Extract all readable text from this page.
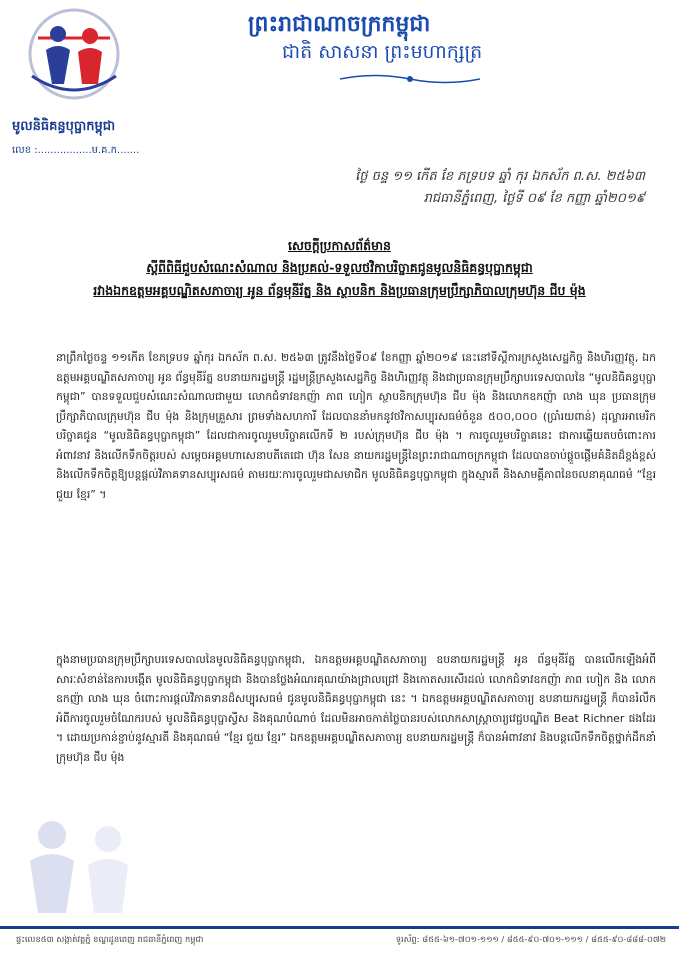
មូលនិធិគន្ធបុប្ផាកម្ពុជា
លេខ :.................ម.គ.ក.......
ព្រះរាជាណាចក្រកម្ពុជា
ជាតិ សាសនា ព្រះមហាក្សត្រ
ថ្ងៃ ចន្ទ ១១ កើត ខែ ភទ្របទ ឆ្នាំ កុរ ឯកស័ក ព.ស. ២៥៦៣
រាជធានីភ្នំពេញ, ថ្ងៃទី ០៩ ខែ កញ្ញា ឆ្នាំ២០១៩
សេចក្តីប្រកាសព័ត៌មាន
ស្តីពីពិធីជួបសំណេះសំណាល និងប្រគល់-ទទួលថវិកាបរិច្ចាគជូនមូលនិធិគន្ធបុប្ផាកម្ពុជា
រវាងឯកឧត្តមអគ្គបណ្ឌិតសភាចារ្យ អូន ព័ន្ធមុនីរ័ត្ន និង ស្ថាបនិក និងប្រធានក្រុមប្រឹក្សាភិបាលក្រុមហ៊ុន ជីប ម៉ុង
នាព្រឹកថ្ងៃចន្ទ ១១កើត ខែភទ្របទ ឆ្នាំកុរ ឯកស័ក ព.ស. ២៥៦៣ ត្រូវនឹងថ្ងៃទី០៩ ខែកញ្ញា ឆ្នាំ២០១៩ នេះនៅទីស្តីការក្រសួងសេដ្ឋកិច្ច និងហិរញ្ញវត្ថុ, ឯកឧត្តមអគ្គបណ្ឌិតសភាចារ្យ អូន ព័ន្ធមុនីរ័ត្ន ឧបនាយករដ្ឋមន្ត្រី រដ្ឋមន្ត្រីក្រសួងសេដ្ឋកិច្ច និងហិរញ្ញវត្ថុ និងជាប្រធានក្រុមប្រឹក្សាបរទេសបាលនៃ “មូលនិធិគន្ធបុប្ផាកម្ពុជា” បានទទួលជួបសំណេះសំណាលជាមួយ លោកជំទាវឧកញ៉ា ភាព ហៀក ស្ថាបនិកក្រុមហ៊ុន ជីប ម៉ុង និងលោកឧកញ៉ា លាង ឃុន ប្រធានក្រុមប្រឹក្សាភិបាលក្រុមហ៊ុន ជីប ម៉ុង និងក្រុមគ្រួសារ ព្រមទាំងសហការី ដែលបាននាំមកនូវថវិកាសប្បុរសធម៌ចំនួន ៥០០,០០០ (ប្រាំរយពាន់) ដុល្លារអាមេរិក បរិច្ចាគជូន “មូលនិធិគន្ធបុប្ផាកម្ពុជា” ដែលជាការចូលរួមបរិច្ចាគលើកទី ២ របស់ក្រុមហ៊ុន ជីប ម៉ុង ។ ការចូលរួមបរិច្ចាគនេះ ជាការឆ្លើយតបចំពោះការអំពាវនាវ និងលើកទឹកចិត្តរបស់ សម្តេចអគ្គមហាសេនាបតីតេជោ ហ៊ុន សែន នាយករដ្ឋមន្ត្រីនៃព្រះរាជាណាចក្រកម្ពុជា ដែលបានចាប់ផ្តួចផ្តើមគំនិតដ៏ខ្ពង់ខ្ពស់ និងលើកទឹកចិត្តឱ្យបន្តផ្តល់វិភាគទានសប្បុរសធម៌ តាមរយៈការចូលរួមជាសមាជិក មូលនិធិគន្ធបុប្ផាកម្ពុជា ក្នុងស្មារតី និងសាមគ្គីភាពនៃចលនាគុណធម៌ “ខ្មែរ ជួយ ខ្មែរ” ។
ក្នុងនាមប្រធានក្រុមប្រឹក្សាបរទេសបាលនៃមូលនិធិគន្ធបុប្ផាកម្ពុជា, ឯកឧត្តមអគ្គបណ្ឌិតសភាចារ្យ ឧបនាយករដ្ឋមន្ត្រី អូន ព័ន្ធមុនីរ័ត្ន បានលើកឡើងអំពីសារៈសំខាន់នៃការបង្កើត មូលនិធិគន្ធបុប្ផាកម្ពុជា និងបានថ្លែងអំណរគុណយ៉ាងជ្រាលជ្រៅ និងកោតសរសើរដល់ លោកជំទាវឧកញ៉ា ភាព ហៀក និង លោកឧកញ៉ា លាង ឃុន ចំពោះការផ្តល់វិភាគទានដ៏សប្បុរសធម៌ ជូនមូលនិធិគន្ធបុប្ផាកម្ពុជា នេះ ។ ឯកឧត្តមអគ្គបណ្ឌិតសភាចារ្យ ឧបនាយករដ្ឋមន្ត្រី ក៏បានរំលឹកអំពីការចូលរួមចំណែករបស់ មូលនិធិគន្ធបុប្ផាស្វីស និងគុណបំណាច់ ដែលមិនអាចកាត់ថ្លៃបានរបស់លោកសាស្ត្រាចារ្យវេជ្ជបណ្ឌិត Beat Richner ផងដែរ ។ ដោយប្រកាន់ខ្ជាប់នូវស្មារតី និងគុណធម៌ “ខ្មែរ ជួយ ខ្មែរ” ឯកឧត្តមអគ្គបណ្ឌិតសភាចារ្យ ឧបនាយករដ្ឋមន្ត្រី ក៏បានអំពាវនាវ និងបន្តលើកទឹកចិត្តថ្នាក់ដឹកនាំក្រុមហ៊ុន ជីប ម៉ុង
ផ្ទះលេខ៥៣ សង្កាត់វត្តភ្នំ ខណ្ឌដូនពេញ រាជធានីភ្នំពេញ កម្ពុជា	ទូរស័ព្ទ: ៨៥៥-៦១-៧០១-១១១ / ៨៥៥-៩០-៧០១-១១១ / ៨៥៥-៩០-៨៨៨-០៧២
